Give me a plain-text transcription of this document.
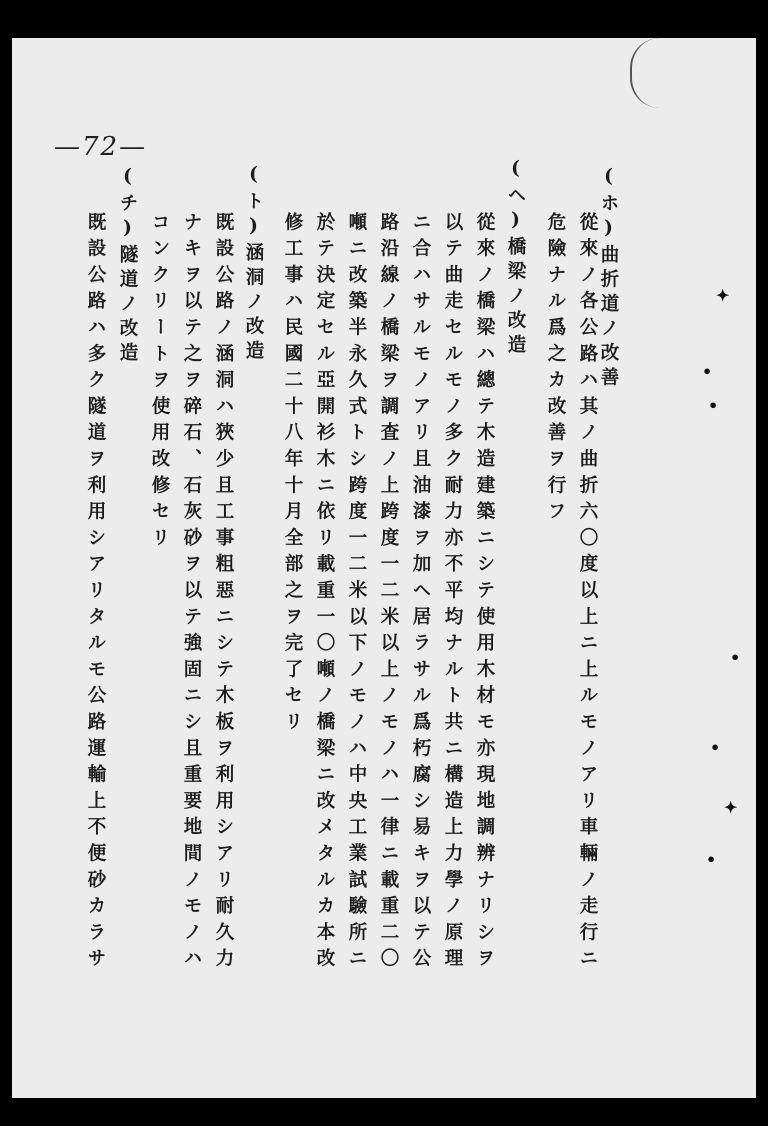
—72—
(ホ)曲折道ノ改善
從來ノ各公路ハ其ノ曲折六〇度以上ニ上ルモノアリ車輛ノ走行ニ
危險ナル爲之カ改善ヲ行フ
(ヘ)橋梁ノ改造
從來ノ橋梁ハ總テ木造建築ニシテ使用木材モ亦現地調辨ナリシヲ
以テ曲走セルモノ多ク耐力亦不平均ナルト共ニ構造上力學ノ原理
ニ合ハサルモノアリ且油漆ヲ加ヘ居ラサル爲朽腐シ易キヲ以テ公
路沿線ノ橋梁ヲ調査ノ上跨度一二米以上ノモノハ一律ニ載重二〇
噸ニ改築半永久式トシ跨度一二米以下ノモノハ中央工業試驗所ニ
於テ決定セル亞開衫木ニ依リ載重一〇噸ノ橋梁ニ改メタルカ本改
修工事ハ民國二十八年十月全部之ヲ完了セリ
(ト)涵洞ノ改造
既設公路ノ涵洞ハ狹少且工事粗惡ニシテ木板ヲ利用シアリ耐久力
ナキヲ以テ之ヲ碎石、石灰砂ヲ以テ強固ニシ且重要地間ノモノハ
コンクリートヲ使用改修セリ
(チ)隧道ノ改造
既設公路ハ多ク隧道ヲ利用シアリタルモ公路運輸上不便砂カラサ	✦
•
•
•
•
✦
•
